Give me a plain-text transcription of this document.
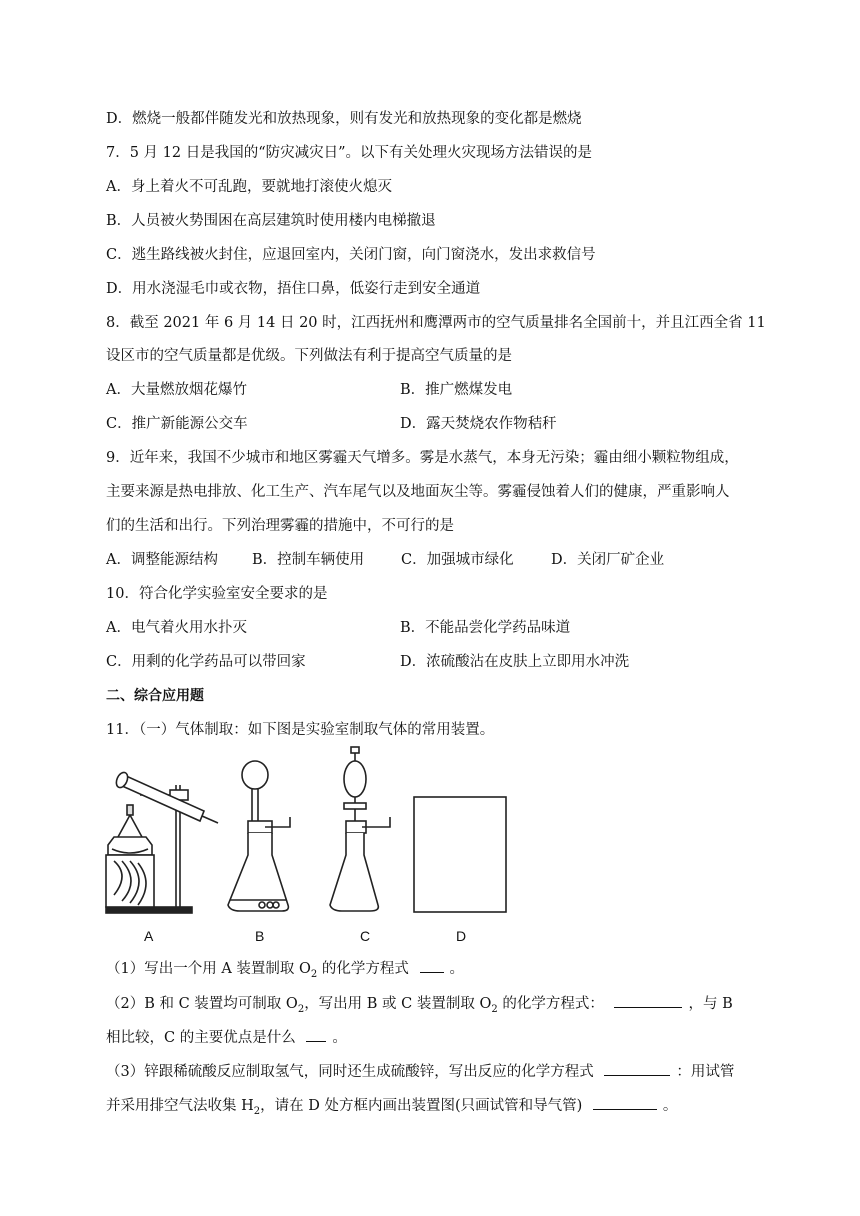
D．燃烧一般都伴随发光和放热现象，则有发光和放热现象的变化都是燃烧
7．5 月 12 日是我国的“防灾减灾日”。以下有关处理火灾现场方法错误的是
A．身上着火不可乱跑，要就地打滚使火熄灭
B．人员被火势围困在高层建筑时使用楼内电梯撤退
C．逃生路线被火封住，应退回室内，关闭门窗，向门窗浇水，发出求救信号
D．用水浇湿毛巾或衣物，捂住口鼻，低姿行走到安全通道
8．截至 2021 年 6 月 14 日 20 时，江西抚州和鹰潭两市的空气质量排名全国前十，并且江西全省 11
设区市的空气质量都是优级。下列做法有利于提高空气质量的是
A．大量燃放烟花爆竹	B．推广燃煤发电
C．推广新能源公交车	D．露天焚烧农作物秸秆
9．近年来，我国不少城市和地区雾霾天气增多。雾是水蒸气，本身无污染；霾由细小颗粒物组成，
主要来源是热电排放、化工生产、汽车尾气以及地面灰尘等。雾霾侵蚀着人们的健康，严重影响人
们的生活和出行。下列治理雾霾的措施中，不可行的是
A．调整能源结构 B．控制车辆使用	C．加强城市绿化	D．关闭厂矿企业
10．符合化学实验室安全要求的是
A．电气着火用水扑灭	B．不能品尝化学药品味道
C．用剩的化学药品可以带回家	D．浓硫酸沾在皮肤上立即用水冲洗
二、综合应用题
11．（一）气体制取：如下图是实验室制取气体的常用装置。
A	B	C	D
（1）写出一个用 A 装置制取 $O_2$ 的化学方程式	。
（2）B 和 C 装置均可制取 $O_2$，写出用 B 或 C 装置制取 $O_2$ 的化学方程式：	，与 B
相比较，C 的主要优点是什么	。
（3）锌跟稀硫酸反应制取氢气，同时还生成硫酸锌，写出反应的化学方程式	：用试管
并采用排空气法收集 $H_2$，请在 D 处方框内画出装置图(只画试管和导气管)	。
